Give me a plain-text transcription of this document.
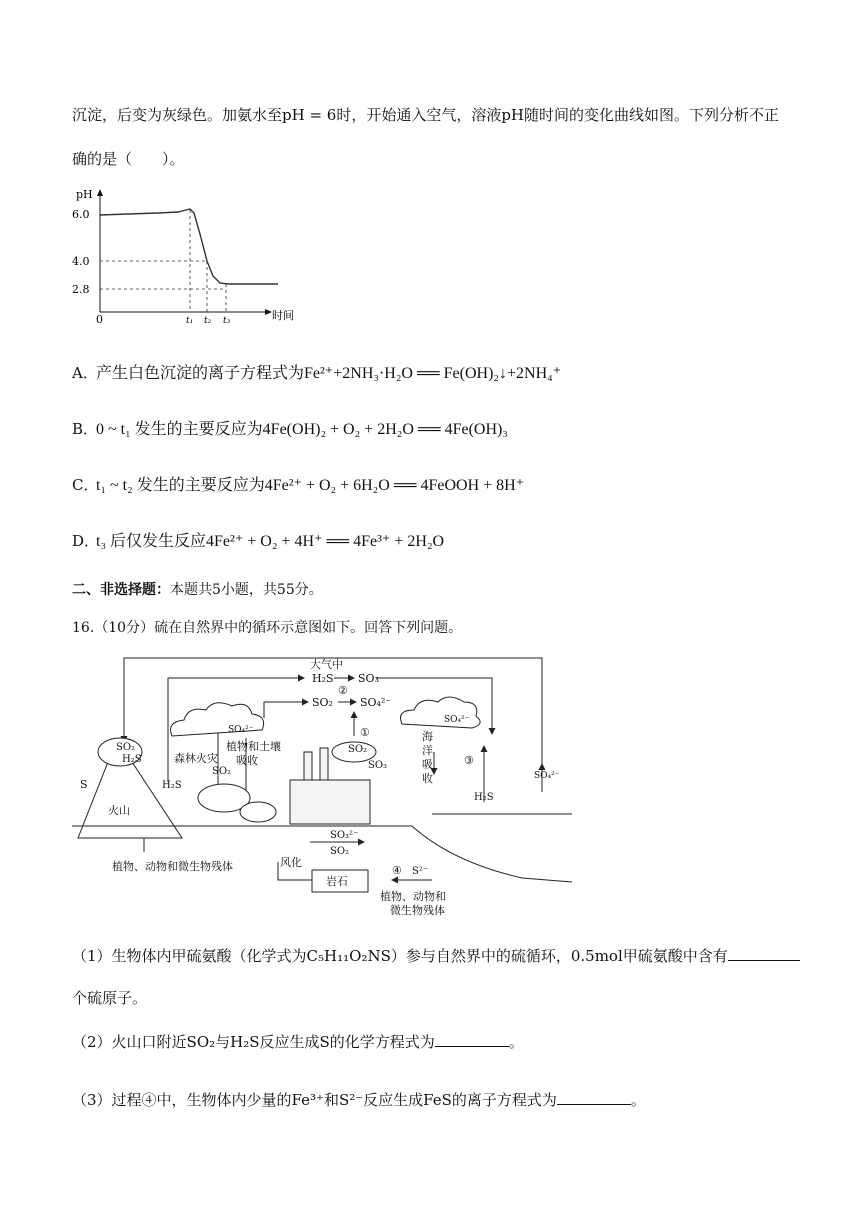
沉淀，后变为灰绿色。加氨水至pH = 6时，开始通入空气，溶液pH随时间的变化曲线如图。下列分析不正
确的是（　　）。
pH
6.0
4.0
2.8
0	t₁ t₂ t₃	时间
A．产生白色沉淀的离子方程式为Fe²⁺+2NH₃·H₂O ══ Fe(OH)₂↓+2NH₄⁺
B．0 ~ t₁ 发生的主要反应为4Fe(OH)₂ + O₂ + 2H₂O ══ 4Fe(OH)₃
C．t₁ ~ t₂ 发生的主要反应为4Fe²⁺ + O₂ + 6H₂O ══ 4FeOOH + 8H⁺
D．t₃ 后仅发生反应4Fe²⁺ + O₂ + 4H⁺ ══ 4Fe³⁺ + 2H₂O
二、非选择题：本题共5小题，共55分。
16.（10分）硫在自然界中的循环示意图如下。回答下列问题。
大气中
H₂S SO₃
②
SO₂ SO₄²⁻
①
SO₄²⁻
SO₄²⁻
森林火灾
SO₂
植物和土壤
吸收
SO₂
H₂S
H₂S
S
火山
SO₂
SO₃
海
洋
吸
收
③
H₂S
SO₄²⁻
SO₃²⁻
SO₂
风化
植物、动物和微生物残体
岩石
④ S²⁻
植物、动物和
微生物残体
（1）生物体内甲硫氨酸（化学式为C₅H₁₁O₂NS）参与自然界中的硫循环，0.5mol甲硫氨酸中含有
个硫原子。
（2）火山口附近SO₂与H₂S反应生成S的化学方程式为	。
（3）过程④中，生物体内少量的Fe³⁺和S²⁻反应生成FeS的离子方程式为	。
